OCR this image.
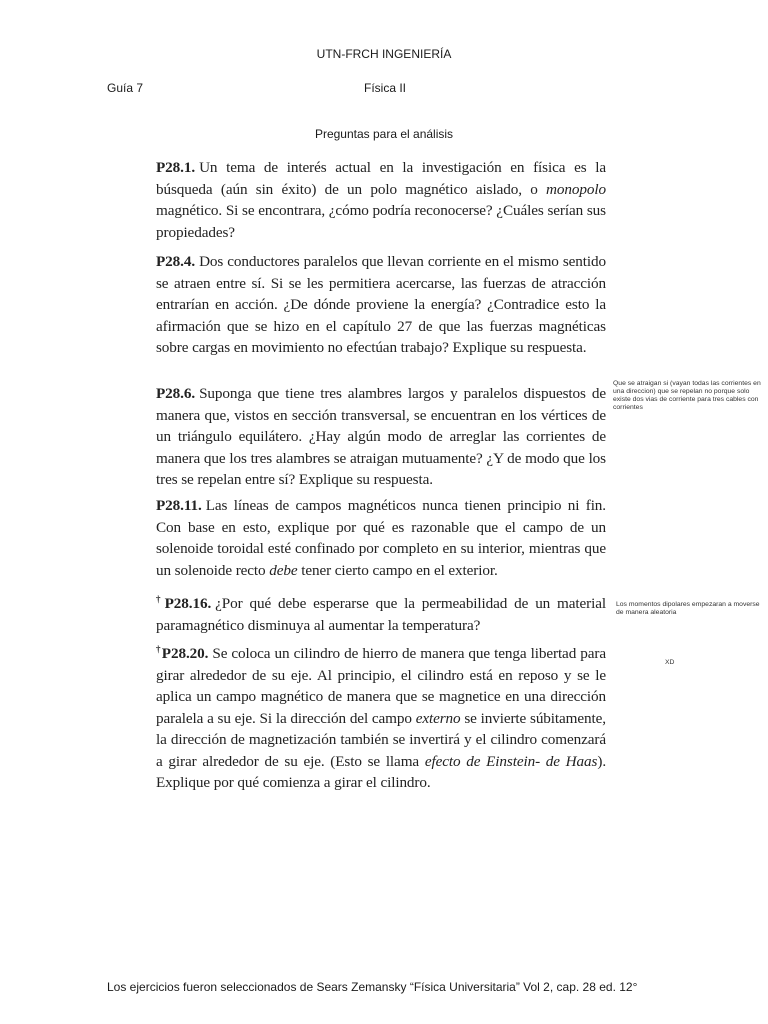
UTN-FRCH INGENIERÍA
Guía 7	Física II
Preguntas para el análisis
P28.1. Un tema de interés actual en la investigación en física es la búsqueda (aún sin éxito) de un polo magnético aislado, o monopolo magnético. Si se encontrara, ¿cómo podría reconocerse? ¿Cuáles serían sus propiedades?
P28.4. Dos conductores paralelos que llevan corriente en el mismo sentido se atraen entre sí. Si se les permitiera acercarse, las fuerzas de atracción entrarían en acción. ¿De dónde proviene la energía? ¿Contradice esto la afirmación que se hizo en el capítulo 27 de que las fuerzas magnéticas sobre cargas en movimiento no efectúan trabajo? Explique su respuesta.
P28.6. Suponga que tiene tres alambres largos y paralelos dispuestos de manera que, vistos en sección transversal, se encuentran en los vértices de un triángulo equilátero. ¿Hay algún modo de arreglar las corrientes de manera que los tres alambres se atraigan mutuamente? ¿Y de modo que los tres se repelan entre sí? Explique su respuesta.
P28.11. Las líneas de campos magnéticos nunca tienen principio ni fin. Con base en esto, explique por qué es razonable que el campo de un solenoide toroidal esté confinado por completo en su interior, mientras que un solenoide recto debe tener cierto campo en el exterior.
† P28.16. ¿Por qué debe esperarse que la permeabilidad de un material paramagnético disminuya al aumentar la temperatura?
† P28.20. Se coloca un cilindro de hierro de manera que tenga libertad para girar alrededor de su eje. Al principio, el cilindro está en reposo y se le aplica un campo magnético de manera que se magnetice en una dirección paralela a su eje. Si la dirección del campo externo se invierte súbitamente, la dirección de magnetización también se invertirá y el cilindro comenzará a girar alrededor de su eje. (Esto se llama efecto de Einstein- de Haas). Explique por qué comienza a girar el cilindro.
Que se atraigan si (vayan todas las corrientes en una direccion) que se repelan no porque solo existe dos vias de corriente para tres cables con corrientes
Los momentos dipolares empezaran a moverse de manera aleatoria
XD
Los ejercicios fueron seleccionados de Sears Zemansky “Física Universitaria” Vol 2, cap. 28 ed. 12°
